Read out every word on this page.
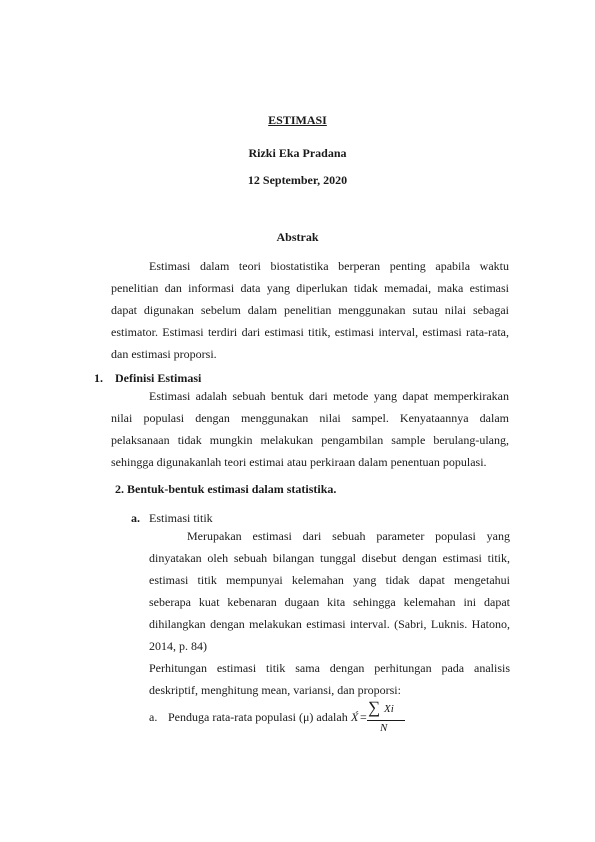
ESTIMASI

Rizki Eka Pradana

12 September, 2020

Abstrak

Estimasi dalam teori biostatistika berperan penting apabila waktu
penelitian dan informasi data yang diperlukan tidak memadai, maka estimasi
dapat digunakan sebelum dalam penelitian menggunakan sutau nilai sebagai
estimator. Estimasi terdiri dari estimasi titik, estimasi interval, estimasi rata-rata,
dan estimasi proporsi.

1. Definisi Estimasi

Estimasi adalah sebuah bentuk dari metode yang dapat memperkirakan
nilai populasi dengan menggunakan nilai sampel. Kenyataannya dalam
pelaksanaan tidak mungkin melakukan pengambilan sample berulang-ulang,
sehingga digunakanlah teori estimai atau perkiraan dalam penentuan populasi.

2. Bentuk-bentuk estimasi dalam statistika.

a. Estimasi titik

Merupakan estimasi dari sebuah parameter populasi yang
dinyatakan oleh sebuah bilangan tunggal disebut dengan estimasi titik,
estimasi titik mempunyai kelemahan yang tidak dapat mengetahui
seberapa kuat kebenaran dugaan kita sehingga kelemahan ini dapat
dihilangkan dengan melakukan estimasi interval. (Sabri, Luknis. Hatono,
2014, p. 84)
Perhitungan estimasi titik sama dengan perhitungan pada analisis
deskriptif, menghitung mean, variansi, dan proporsi:
a. Penduga rata-rata populasi (μ) adalah X́ = ∑ Xi
N
